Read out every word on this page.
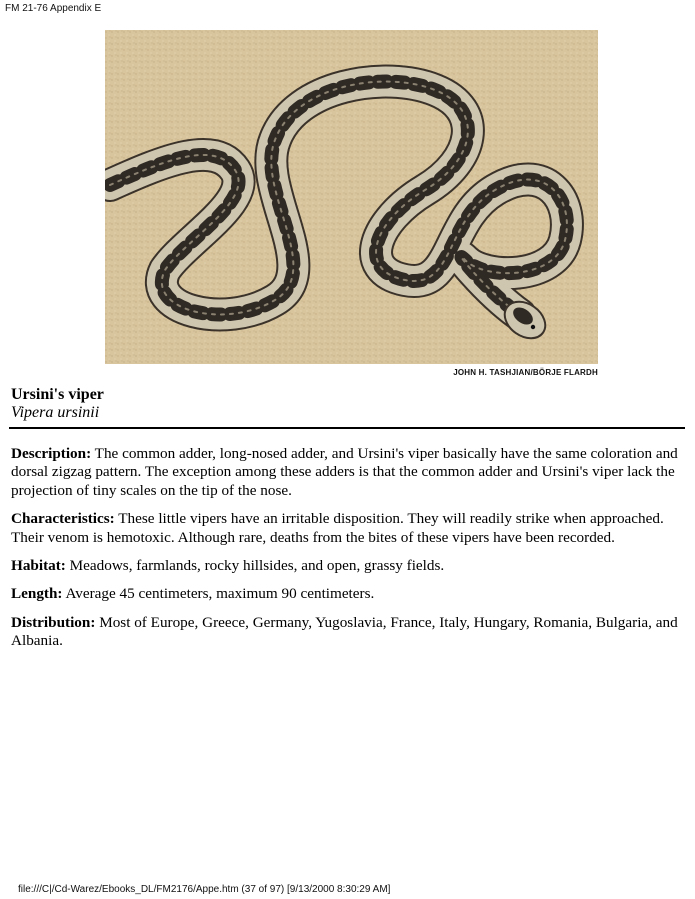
FM 21-76 Appendix E
JOHN H. TASHJIAN/BÖRJE FLARDH
Ursini's viper
Vipera ursinii

Description: The common adder, long-nosed adder, and Ursini's viper basically have the same coloration and dorsal zigzag pattern. The exception among these adders is that the common adder and Ursini's viper lack the projection of tiny scales on the tip of the nose.

Characteristics: These little vipers have an irritable disposition. They will readily strike when approached. Their venom is hemotoxic. Although rare, deaths from the bites of these vipers have been recorded.

Habitat: Meadows, farmlands, rocky hillsides, and open, grassy fields.

Length: Average 45 centimeters, maximum 90 centimeters.

Distribution: Most of Europe, Greece, Germany, Yugoslavia, France, Italy, Hungary, Romania, Bulgaria, and Albania.

file:///C|/Cd-Warez/Ebooks_DL/FM2176/Appe.htm (37 of 97) [9/13/2000 8:30:29 AM]
